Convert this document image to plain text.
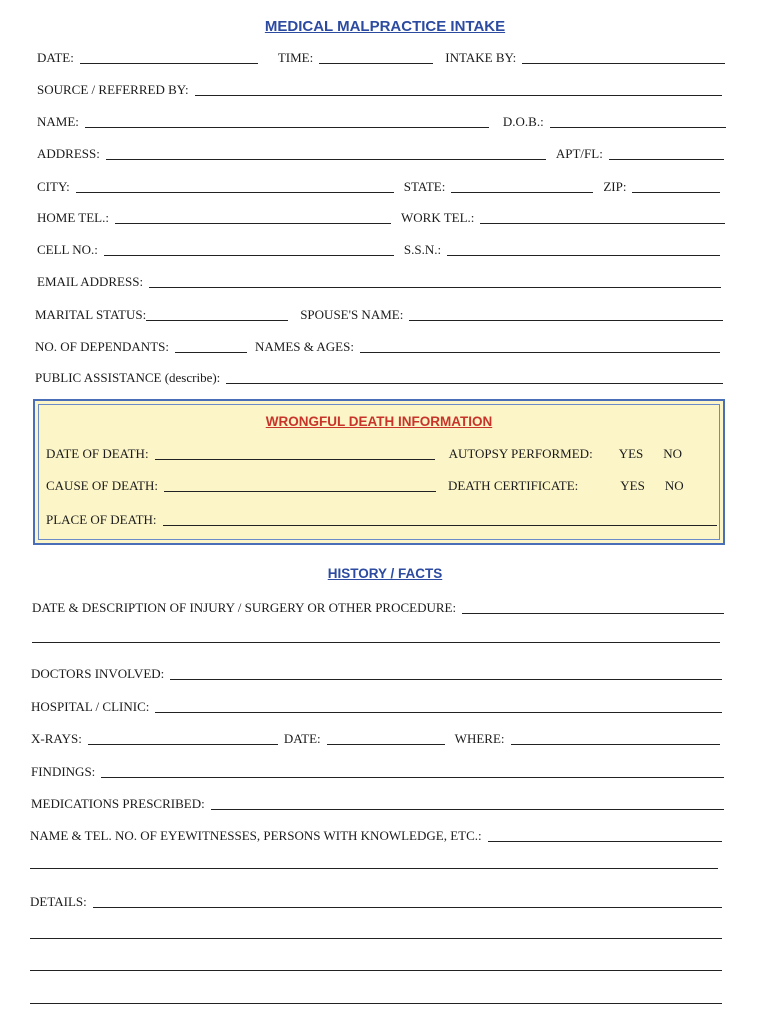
MEDICAL MALPRACTICE INTAKE
DATE:	TIME:	INTAKE BY:
SOURCE / REFERRED BY:
NAME:	D.O.B.:
ADDRESS:	APT/FL:
CITY:	STATE:	ZIP:
HOME TEL.:	WORK TEL.:
CELL NO.:	S.S.N.:
EMAIL ADDRESS:
MARITAL STATUS:	SPOUSE'S NAME:
NO. OF DEPENDANTS:	NAMES & AGES:
PUBLIC ASSISTANCE (describe):
WRONGFUL DEATH INFORMATION
DATE OF DEATH:	AUTOPSY PERFORMED:	YES NO
CAUSE OF DEATH:	DEATH CERTIFICATE:	YES NO
PLACE OF DEATH:
HISTORY / FACTS
DATE & DESCRIPTION OF INJURY / SURGERY OR OTHER PROCEDURE:
DOCTORS INVOLVED:
HOSPITAL / CLINIC:
X-RAYS:	DATE:	WHERE:
FINDINGS:
MEDICATIONS PRESCRIBED:
NAME & TEL. NO. OF EYEWITNESSES, PERSONS WITH KNOWLEDGE, ETC.:
DETAILS:
